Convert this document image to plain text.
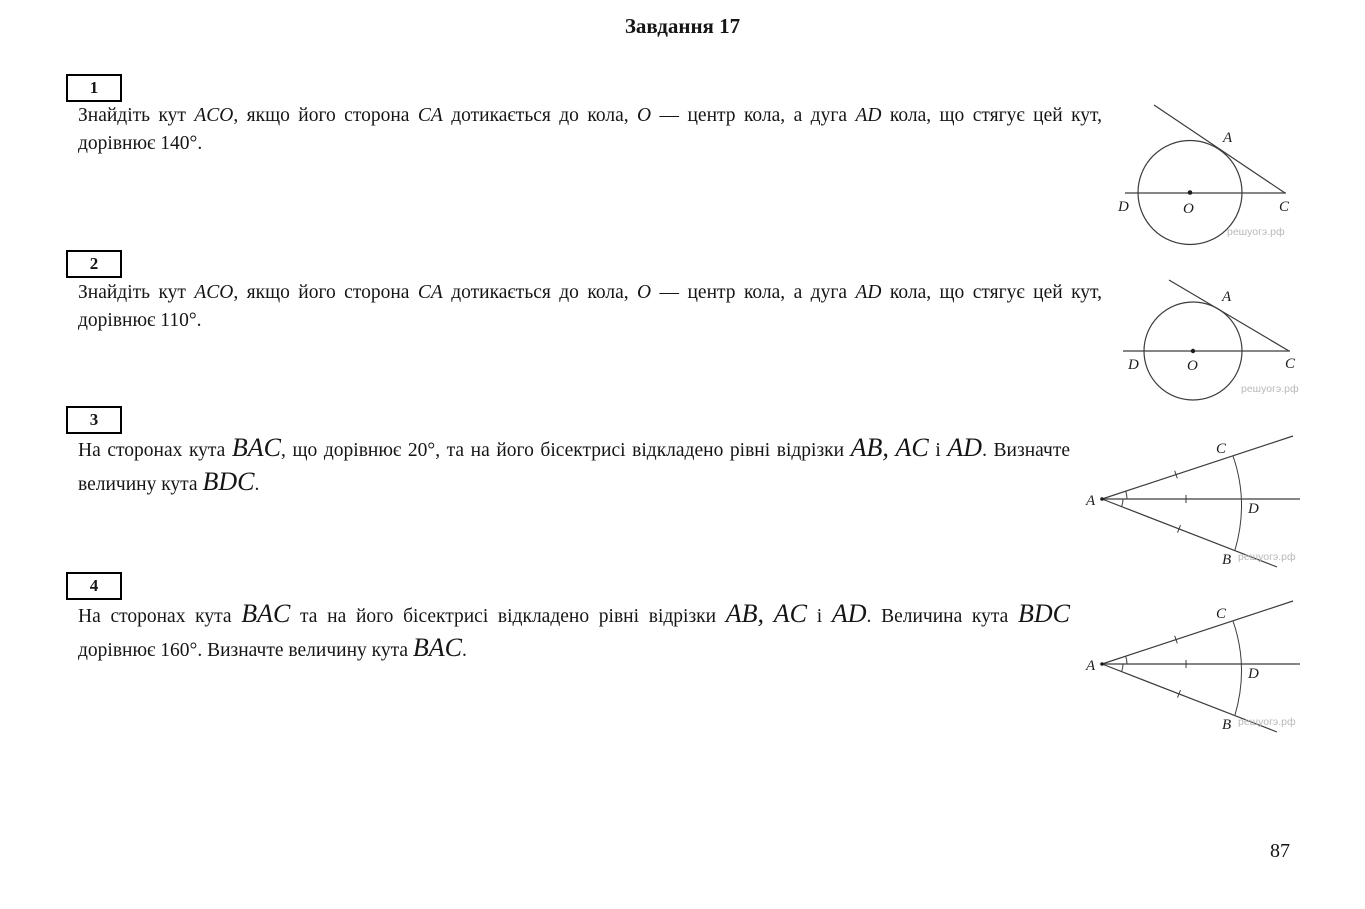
Завдання 17
1
Знайдіть кут ACO, якщо його сторона CA дотикається до кола, O — центр кола, а дуга AD кола, що стягує цей кут, дорівнює 140°.	A
D	O	C
решуогэ.рф
2
Знайдіть кут ACO, якщо його сторона CA дотикається до кола, O — центр кола, а дуга AD кола, що стягує цей кут, дорівнює 110°.
A
D	O	C
решуогэ.рф
3
На сторонах кута BAC, що дорівнює 20°, та на його бісектрисі відкладено рівні відрізки AB, AC і AD. Визначте величину кута BDC.
A
C
D
B решуогэ.рф
4
На сторонах кута BAC та на його бісектрисі відкладено рівні відрізки AB, AC і AD. Величина кута BDC дорівнює 160°. Визначте величину кута BAC.
A
C
D
B решуогэ.рф
87
